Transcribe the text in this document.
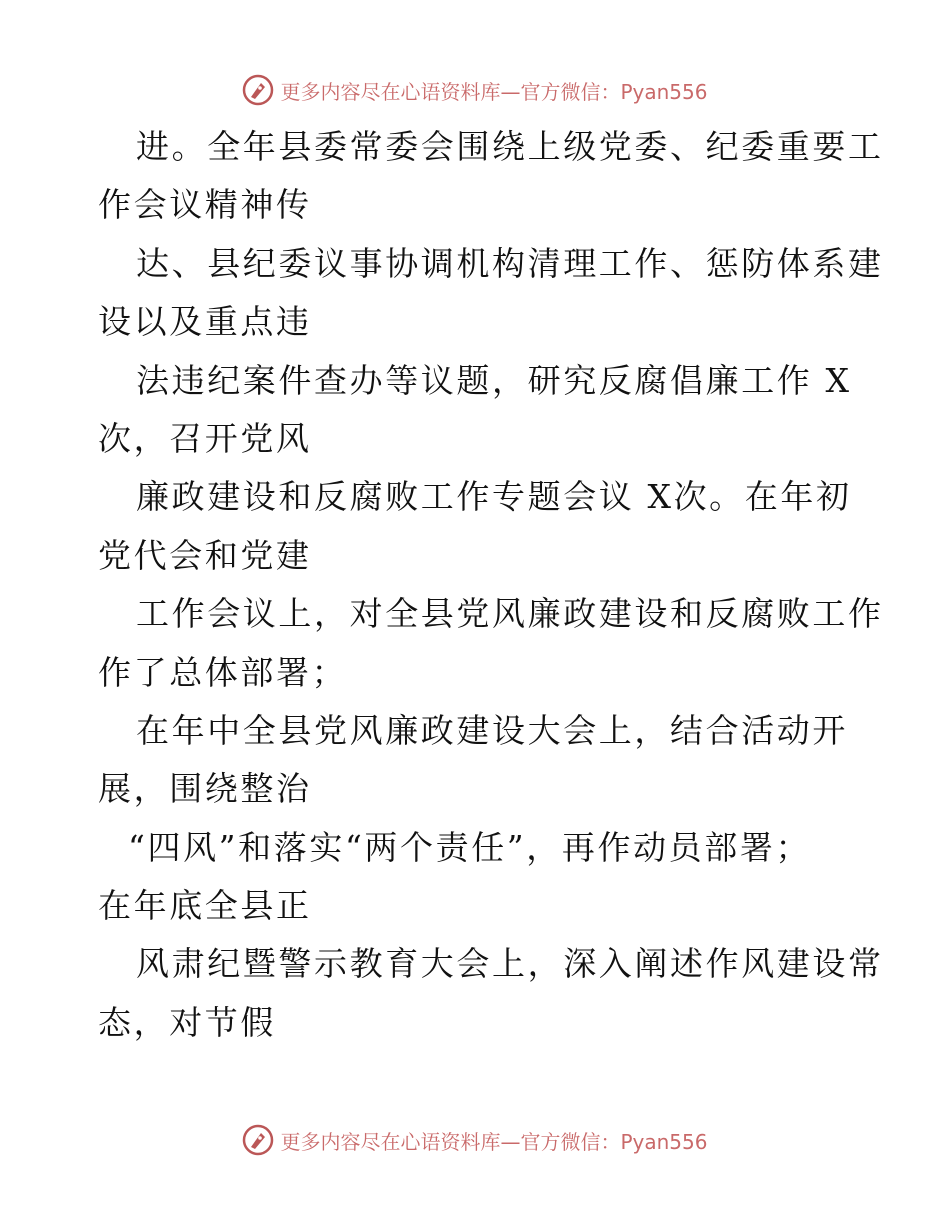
更多内容尽在心语资料库—官方微信：Pyan556
进。全年县委常委会围绕上级党委、纪委重要工
作会议精神传
达、县纪委议事协调机构清理工作、惩防体系建
设以及重点违
法违纪案件查办等议题，研究反腐倡廉工作 X
次，召开党风
廉政建设和反腐败工作专题会议 X次。在年初
党代会和党建
工作会议上，对全县党风廉政建设和反腐败工作
作了总体部署；
在年中全县党风廉政建设大会上，结合活动开
展，围绕整治
“四风”和落实“两个责任”，再作动员部署；
在年底全县正
风肃纪暨警示教育大会上，深入阐述作风建设常
态，对节假
更多内容尽在心语资料库—官方微信：Pyan556
